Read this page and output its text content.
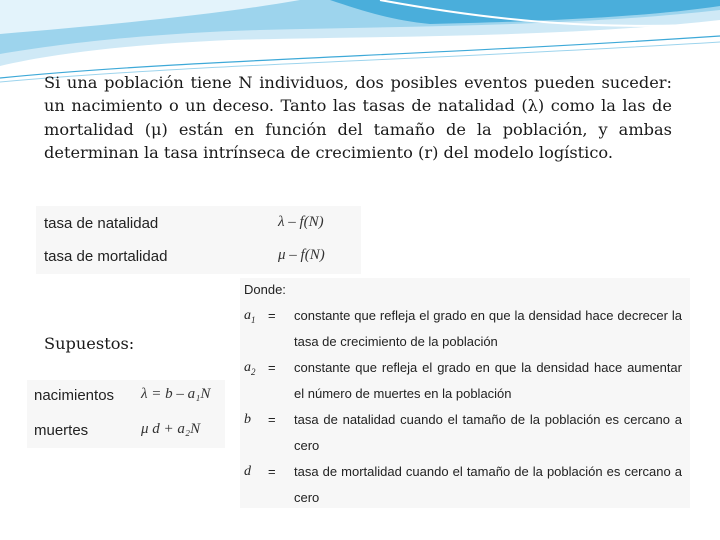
Si una población tiene N individuos, dos posibles eventos pueden suceder: un nacimiento o un deceso. Tanto las tasas de natalidad (λ) como la las de mortalidad (μ) están en función del tamaño de la población, y ambas determinan la tasa intrínseca de crecimiento (r) del modelo logístico.

tasa de natalidad	λ – f(N)
tasa de mortalidad	μ – f(N)
Supuestos:
nacimientos λ = b – a₁N
muertes	μ d + a₂N
Donde:
$a_1$ = constante que refleja el grado en que la densidad hace decrecer la tasa de crecimiento de la población
$a_2$ = constante que refleja el grado en que la densidad hace aumentar el número de muertes en la población
b = tasa de natalidad cuando el tamaño de la población es cercano a cero
d = tasa de mortalidad cuando el tamaño de la población es cercano a cero
